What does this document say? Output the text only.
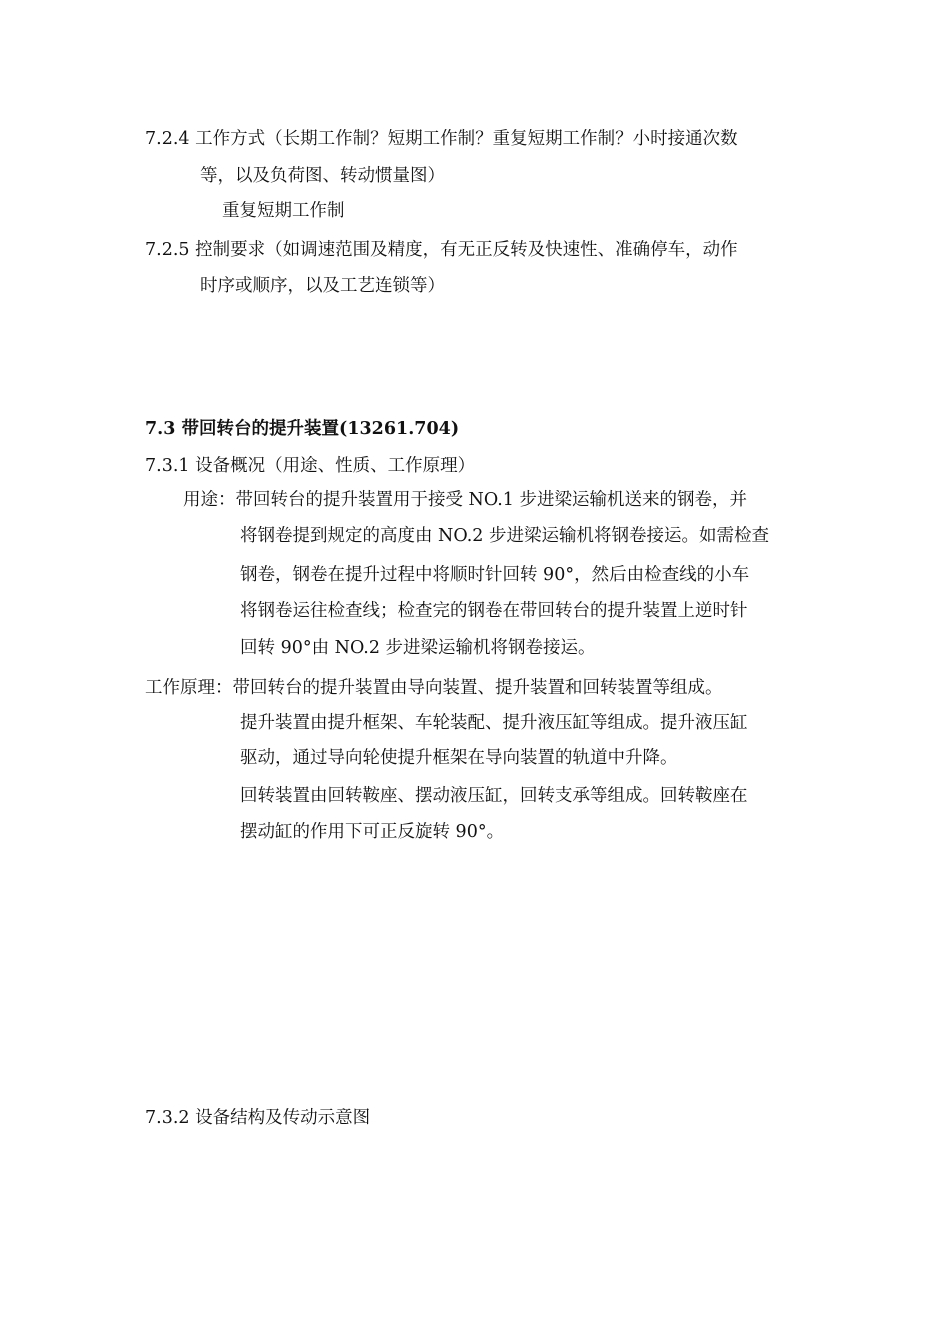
7.2.4 工作方式（长期工作制？短期工作制？重复短期工作制？小时接通次数
等，以及负荷图、转动惯量图）
重复短期工作制
7.2.5 控制要求（如调速范围及精度，有无正反转及快速性、准确停车，动作
时序或顺序，以及工艺连锁等）
7.3 带回转台的提升装置(13261.704)
7.3.1 设备概况（用途、性质、工作原理）
用途：带回转台的提升装置用于接受 NO.1 步进梁运输机送来的钢卷，并
将钢卷提到规定的高度由 NO.2 步进梁运输机将钢卷接运。如需检查
钢卷，钢卷在提升过程中将顺时针回转 90°，然后由检查线的小车
将钢卷运往检查线；检查完的钢卷在带回转台的提升装置上逆时针
回转 90°由 NO.2 步进梁运输机将钢卷接运。
工作原理：带回转台的提升装置由导向装置、提升装置和回转装置等组成。
提升装置由提升框架、车轮装配、提升液压缸等组成。提升液压缸
驱动，通过导向轮使提升框架在导向装置的轨道中升降。
回转装置由回转鞍座、摆动液压缸，回转支承等组成。回转鞍座在
摆动缸的作用下可正反旋转 90°。
7.3.2 设备结构及传动示意图
